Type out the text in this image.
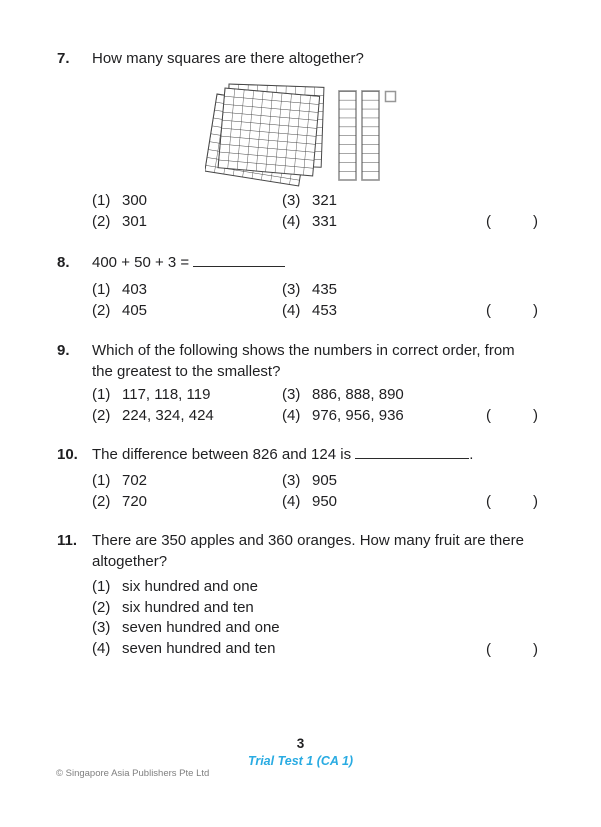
7.	How many squares are there altogether?
(1) 300	(3) 321
(2) 301	(4) 331	(	)
8.	400 + 50 + 3 =
(1) 403	(3) 435
(2) 405	(4) 453	(	)
9.	Which of the following shows the numbers in correct order, from
the greatest to the smallest?
(1) 117, 118, 119	(3) 886, 888, 890
(2) 224, 324, 424	(4) 976, 956, 936	(	)
10. The difference between 826 and 124 is	.
(1) 702	(3) 905
(2) 720	(4) 950	(	)
11. There are 350 apples and 360 oranges. How many fruit are there
altogether?
(1) six hundred and one
(2) six hundred and ten
(3) seven hundred and one
(4) seven hundred and ten	(	)
3
Trial Test 1 (CA 1)
© Singapore Asia Publishers Pte Ltd
